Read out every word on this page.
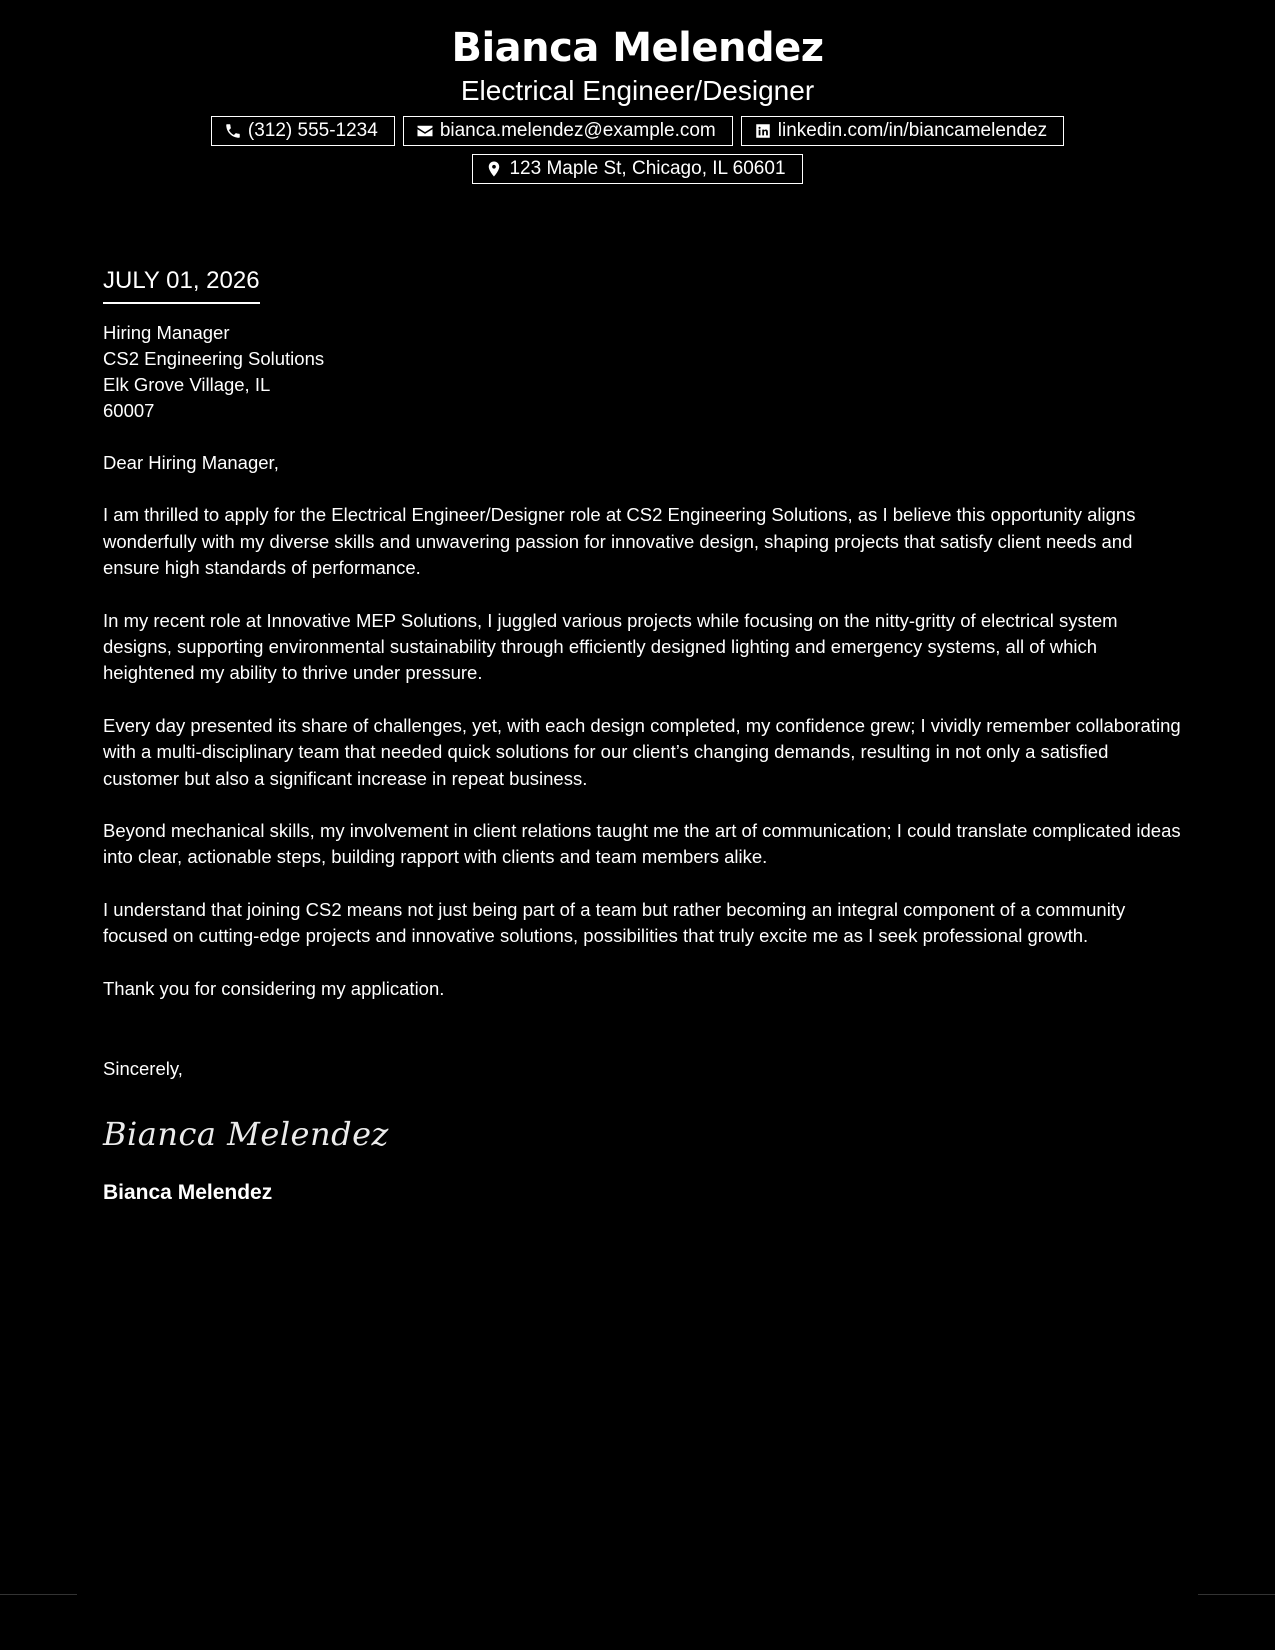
Bianca Melendez
Electrical Engineer/Designer
(312) 555-1234	bianca.melendez@example.com	linkedin.com/in/biancamelendez
123 Maple St, Chicago, IL 60601
JULY 01, 2026
Hiring Manager
CS2 Engineering Solutions
Elk Grove Village, IL
60007

Dear Hiring Manager,

I am thrilled to apply for the Electrical Engineer/Designer role at CS2 Engineering Solutions, as I believe this opportunity aligns wonderfully with my diverse skills and unwavering passion for innovative design, shaping projects that satisfy client needs and ensure high standards of performance.

In my recent role at Innovative MEP Solutions, I juggled various projects while focusing on the nitty-gritty of electrical system designs, supporting environmental sustainability through efficiently designed lighting and emergency systems, all of which heightened my ability to thrive under pressure.

Every day presented its share of challenges, yet, with each design completed, my confidence grew; I vividly remember collaborating with a multi-disciplinary team that needed quick solutions for our client’s changing demands, resulting in not only a satisfied customer but also a significant increase in repeat business.

Beyond mechanical skills, my involvement in client relations taught me the art of communication; I could translate complicated ideas into clear, actionable steps, building rapport with clients and team members alike.

I understand that joining CS2 means not just being part of a team but rather becoming an integral component of a community focused on cutting-edge projects and innovative solutions, possibilities that truly excite me as I seek professional growth.

Thank you for considering my application.

Sincerely,
Bianca Melendez
Bianca Melendez
